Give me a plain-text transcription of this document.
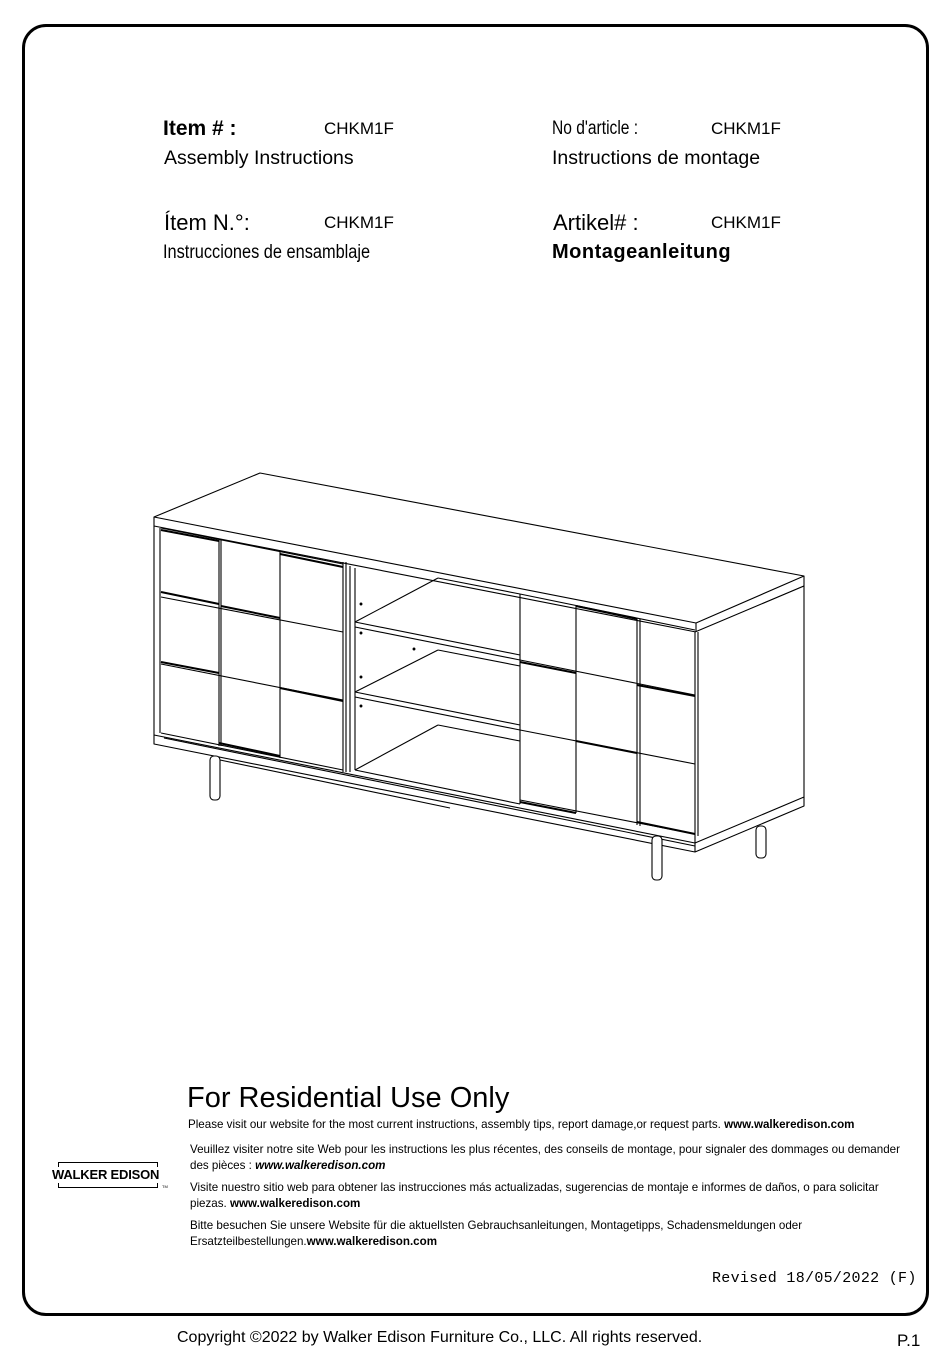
Item # :	CHKM1F
Assembly Instructions
No d'article :	CHKM1F
Instructions de montage
Ítem N.°:	CHKM1F
Instrucciones de ensamblaje
Artikel# :	CHKM1F
Montageanleitung
For Residential Use Only
Please visit our website for the most current instructions, assembly tips, report damage,or request parts. www.walkeredison.com
Veuillez visiter notre site Web pour les instructions les plus récentes, des conseils de montage, pour signaler des dommages ou demander des pièces : www.walkeredison.com
Visite nuestro sitio web para obtener las instrucciones más actualizadas, sugerencias de montaje e informes de daños, o para solicitar piezas. www.walkeredison.com
Bitte besuchen Sie unsere Website für die aktuellsten Gebrauchsanleitungen, Montagetipps, Schadensmeldungen oder Ersatzteilbestellungen.www.walkeredison.com
WALKER EDISON
TM
Revised 18/05/2022 (F)
Copyright ©2022 by Walker Edison Furniture Co., LLC. All rights reserved.	P.1
